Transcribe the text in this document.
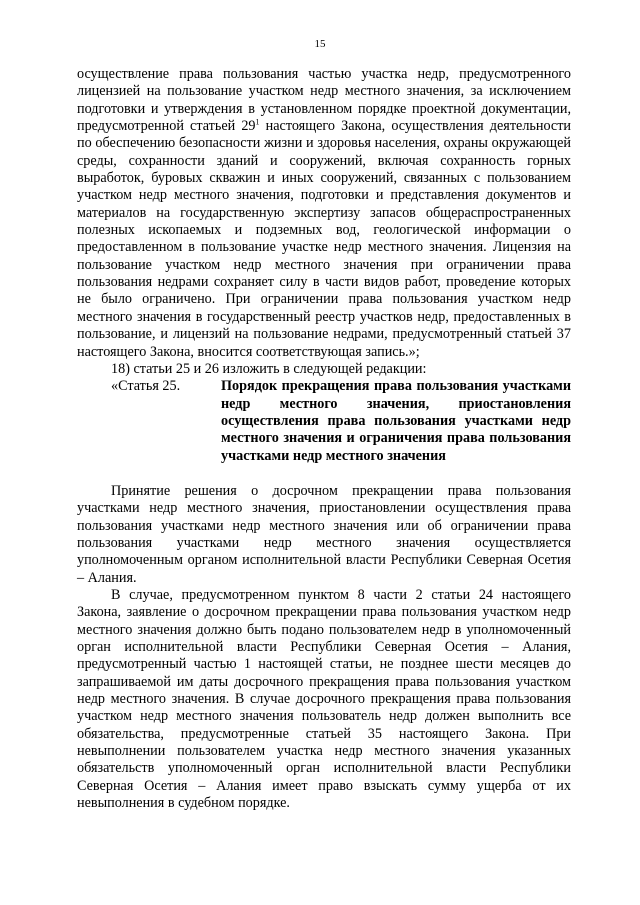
15

осуществление права пользования частью участка недр, предусмотренного лицензией на пользование участком недр местного значения, за исключением подготовки и утверждения в установленном порядке проектной документации, предусмотренной статьей $29^1$ настоящего Закона, осуществления деятельности по обеспечению безопасности жизни и здоровья населения, охраны окружающей среды, сохранности зданий и сооружений, включая сохранность горных выработок, буровых скважин и иных сооружений, связанных с пользованием участком недр местного значения, подготовки и представления документов и материалов на государственную экспертизу запасов общераспространенных полезных ископаемых и подземных вод, геологической информации о предоставленном в пользование участке недр местного значения. Лицензия на пользование участком недр местного значения при ограничении права пользования недрами сохраняет силу в части видов работ, проведение которых не было ограничено. При ограничении права пользования участком недр местного значения в государственный реестр участков недр, предоставленных в пользование, и лицензий на пользование недрами, предусмотренный статьей 37 настоящего Закона, вносится соответствующая запись.»;

18) статьи 25 и 26 изложить в следующей редакции:

«Статья 25.	Порядок прекращения права пользования участками недр местного значения, приостановления осуществления права пользования участками недр местного значения и ограничения права пользования участками недр местного значения

Принятие решения о досрочном прекращении права пользования участками недр местного значения, приостановлении осуществления права пользования участками недр местного значения или об ограничении права пользования участками недр местного значения осуществляется уполномоченным органом исполнительной власти Республики Северная Осетия – Алания.

В случае, предусмотренном пунктом 8 части 2 статьи 24 настоящего Закона, заявление о досрочном прекращении права пользования участком недр местного значения должно быть подано пользователем недр в уполномоченный орган исполнительной власти Республики Северная Осетия – Алания, предусмотренный частью 1 настоящей статьи, не позднее шести месяцев до запрашиваемой им даты досрочного прекращения права пользования участком недр местного значения. В случае досрочного прекращения права пользования участком недр местного значения пользователь недр должен выполнить все обязательства, предусмотренные статьей 35 настоящего Закона. При невыполнении пользователем участка недр местного значения указанных обязательств уполномоченный орган исполнительной власти Республики Северная Осетия – Алания имеет право взыскать сумму ущерба от их невыполнения в судебном порядке.
